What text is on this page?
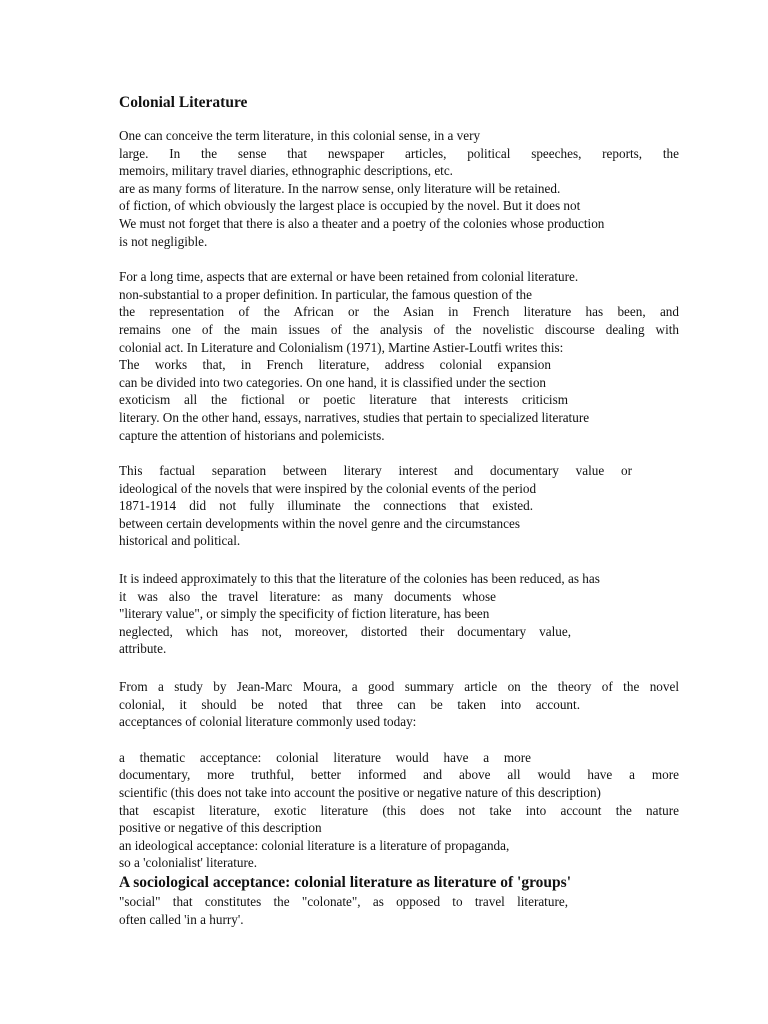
Colonial Literature
One can conceive the term literature, in this colonial sense, in a very
large. In the sense that newspaper articles, political speeches, reports, the
memoirs, military travel diaries, ethnographic descriptions, etc.
are as many forms of literature. In the narrow sense, only literature will be retained.
of fiction, of which obviously the largest place is occupied by the novel. But it does not
We must not forget that there is also a theater and a poetry of the colonies whose production
is not negligible.
For a long time, aspects that are external or have been retained from colonial literature.
non-substantial to a proper definition. In particular, the famous question of the
the representation of the African or the Asian in French literature has been, and
remains one of the main issues of the analysis of the novelistic discourse dealing with
colonial act. In Literature and Colonialism (1971), Martine Astier-Loutfi writes this:
The works that, in French literature, address colonial expansion
can be divided into two categories. On one hand, it is classified under the section
exoticism all the fictional or poetic literature that interests criticism
literary. On the other hand, essays, narratives, studies that pertain to specialized literature
capture the attention of historians and polemicists.
This factual separation between literary interest and documentary value or
ideological of the novels that were inspired by the colonial events of the period
1871-1914 did not fully illuminate the connections that existed.
between certain developments within the novel genre and the circumstances
historical and political.
It is indeed approximately to this that the literature of the colonies has been reduced, as has
it was also the travel literature: as many documents whose
"literary value", or simply the specificity of fiction literature, has been
neglected, which has not, moreover, distorted their documentary value,
attribute.
From a study by Jean-Marc Moura, a good summary article on the theory of the novel
colonial, it should be noted that three can be taken into account.
acceptances of colonial literature commonly used today:
a thematic acceptance: colonial literature would have a more
documentary, more truthful, better informed and above all would have a more
scientific (this does not take into account the positive or negative nature of this description)
that escapist literature, exotic literature (this does not take into account the nature
positive or negative of this description
an ideological acceptance: colonial literature is a literature of propaganda,
so a 'colonialist' literature.
A sociological acceptance: colonial literature as literature of 'groups'
"social" that constitutes the "colonate", as opposed to travel literature,
often called 'in a hurry'.
